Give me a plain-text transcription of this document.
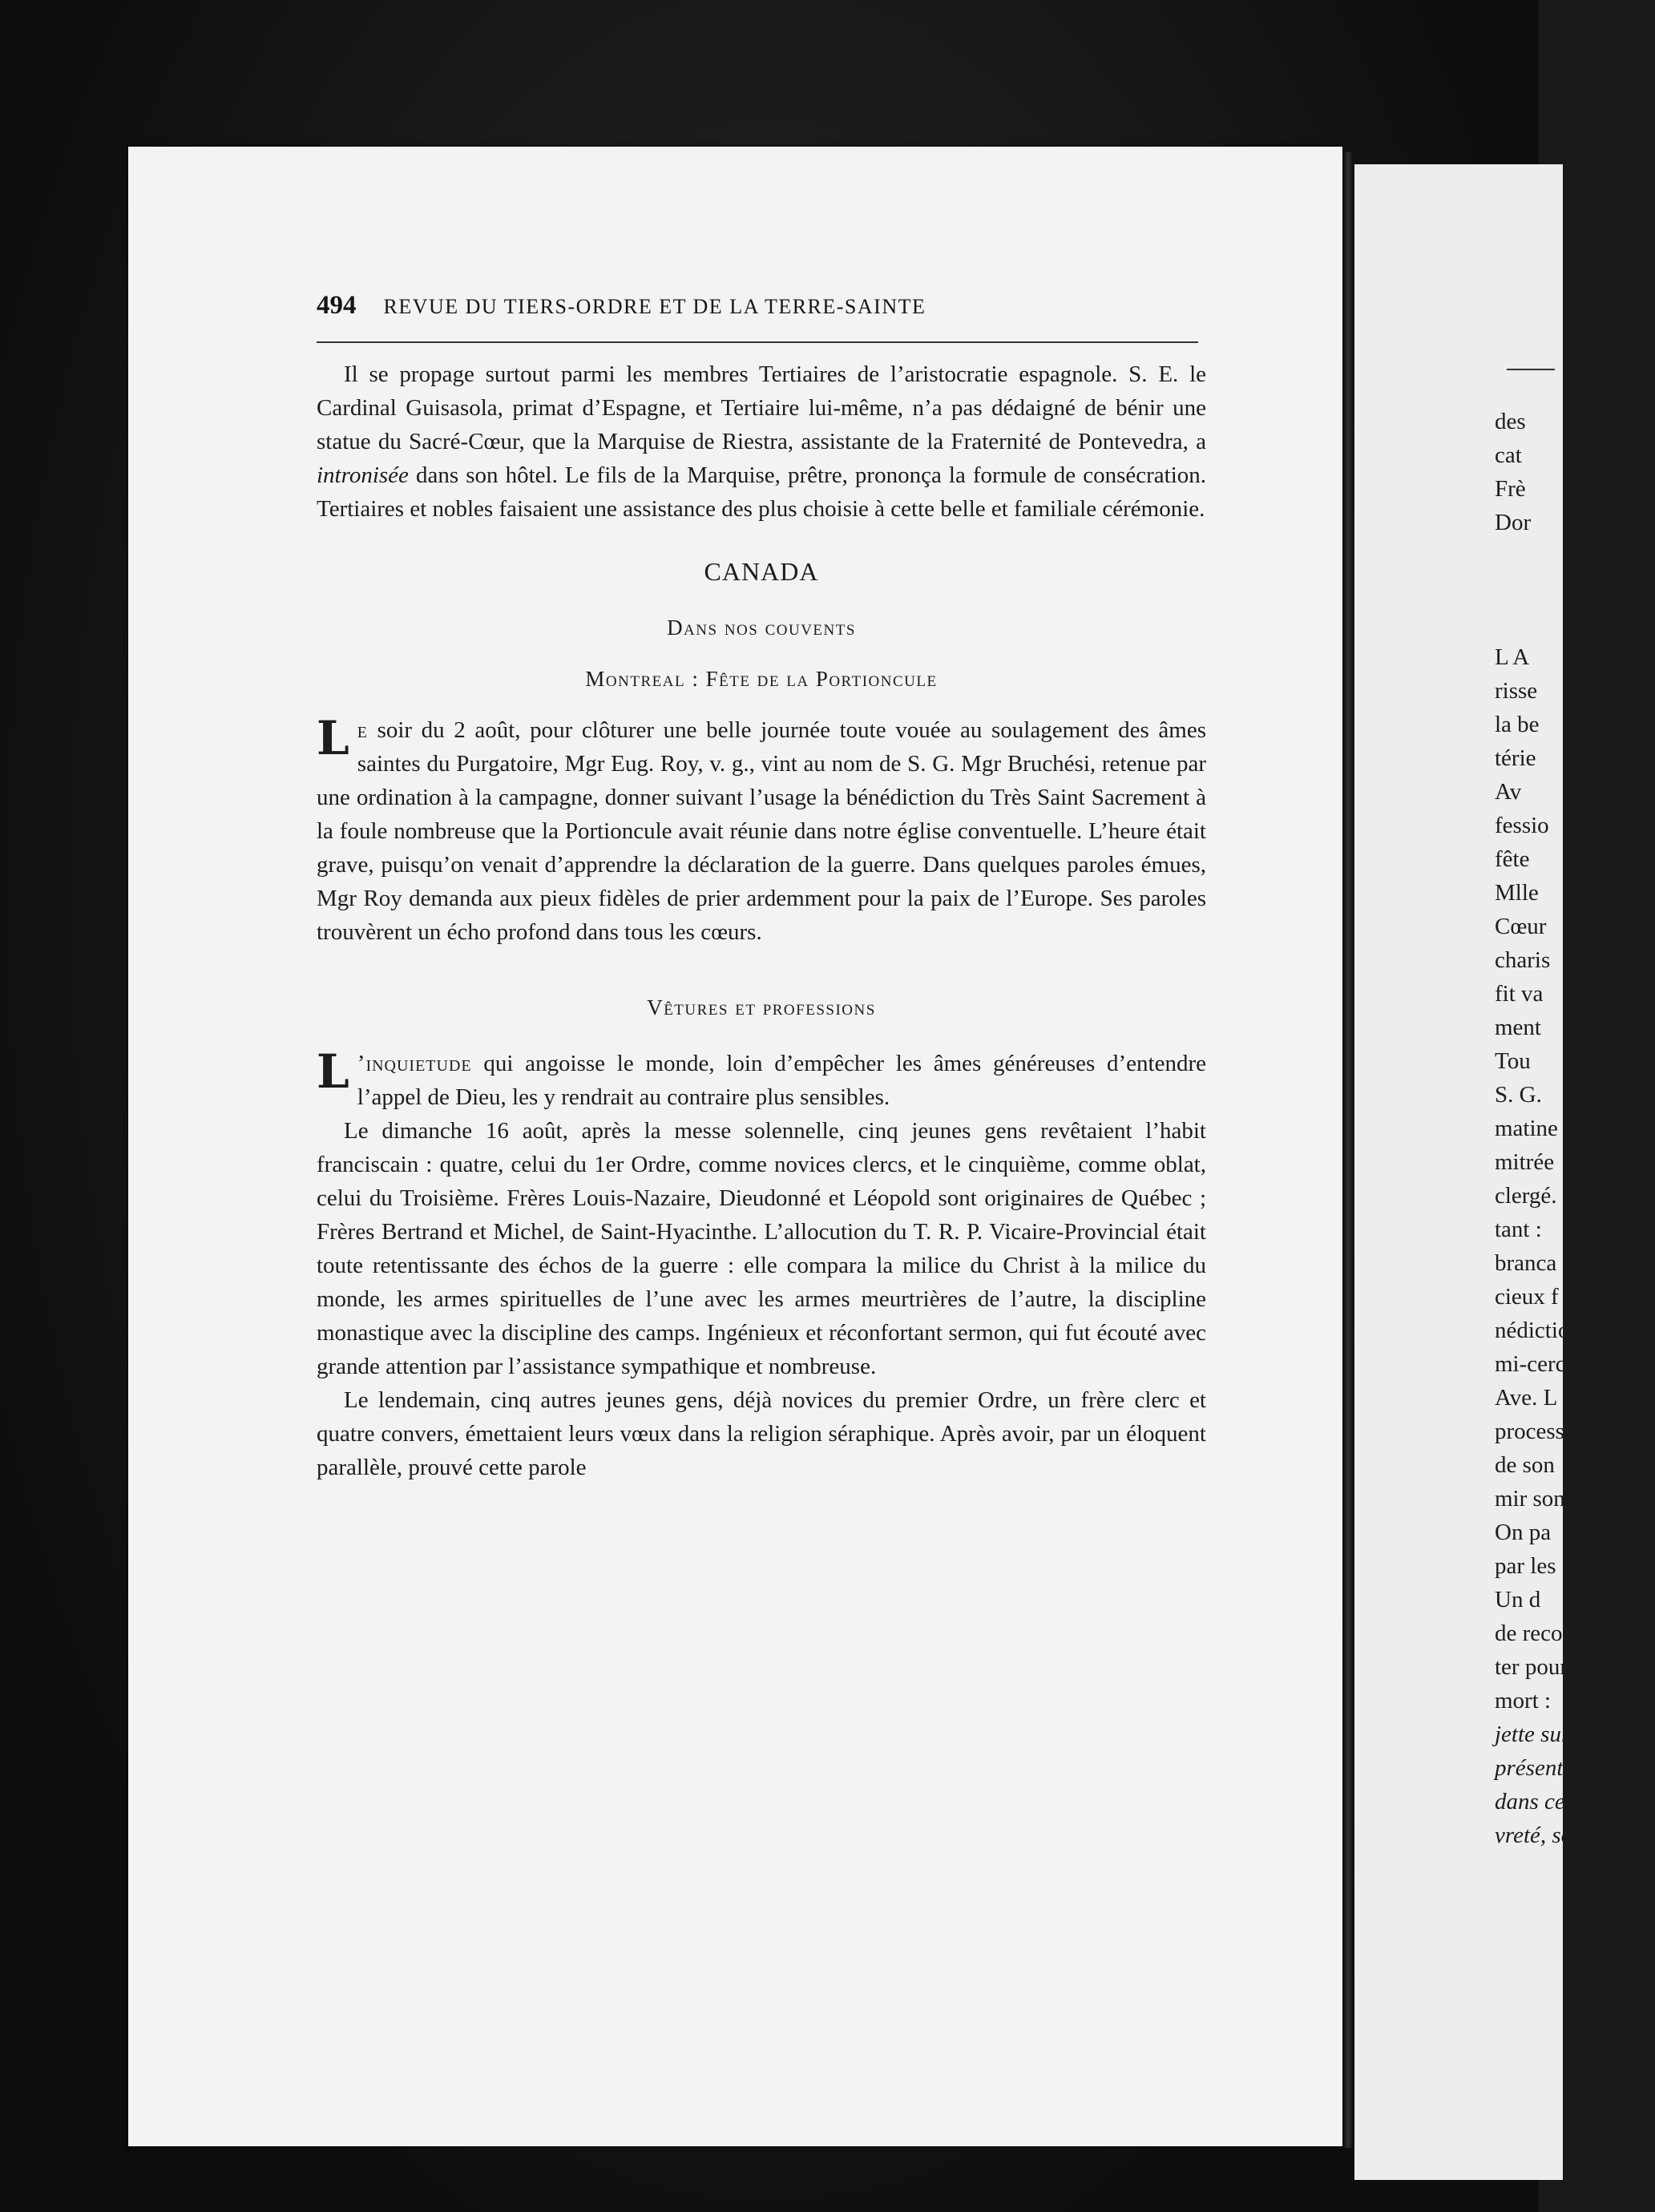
494 REVUE DU TIERS-ORDRE ET DE LA TERRE-SAINTE

Il se propage surtout parmi les membres Tertiaires de l’aristocratie espagnole. S. E. le Cardinal Guisasola, primat d’Espagne, et Tertiaire lui-même, n’a pas dédaigné de bénir une statue du Sacré-Cœur, que la Marquise de Riestra, assistante de la Fraternité de Pontevedra, a intronisée dans son hôtel. Le fils de la Marquise, prêtre, prononça la formule de consécration. Tertiaires et nobles faisaient une assistance des plus choisie à cette belle et familiale cérémonie.

CANADA
Dans nos couvents
Montreal : Fête de la Portioncule

Le soir du 2 août, pour clôturer une belle journée toute vouée au soulagement des âmes saintes du Purgatoire, Mgr Eug. Roy, v. g., vint au nom de S. G. Mgr Bruchési, retenue par une ordination à la campagne, donner suivant l’usage la bénédiction du Très Saint Sacrement à la foule nombreuse que la Portioncule avait réunie dans notre église conventuelle. L’heure était grave, puisqu’on venait d’apprendre la déclaration de la guerre. Dans quelques paroles émues, Mgr Roy demanda aux pieux fidèles de prier ardemment pour la paix de l’Europe. Ses paroles trouvèrent un écho profond dans tous les cœurs.

Vêtures et professions

L ’inquietude qui angoisse le monde, loin d’empêcher les âmes généreuses d’entendre l’appel de Dieu, les y rendrait au contraire plus sensibles.

Le dimanche 16 août, après la messe solennelle, cinq jeunes gens revêtaient l’habit franciscain : quatre, celui du 1er Ordre, comme novices clercs, et le cinquième, comme oblat, celui du Troisième. Frères Louis-Nazaire, Dieudonné et Léopold sont originaires de Québec ; Frères Bertrand et Michel, de Saint-Hyacinthe. L’allocution du T. R. P. Vicaire-Provincial était toute retentissante des échos de la guerre : elle compara la milice du Christ à la milice du monde, les armes spirituelles de l’une avec les armes meurtrières de l’autre, la discipline monastique avec la discipline des camps. Ingénieux et réconfortant sermon, qui fut écouté avec grande attention par l’assistance sympathique et nombreuse.

Le lendemain, cinq autres jeunes gens, déjà novices du premier Ordre, un frère clerc et quatre convers, émettaient leurs vœux dans la religion séraphique. Après avoir, par un éloquent parallèle, prouvé cette parole

des
cat
Frè
Dor

L A
risse
la be
térie
Av
fessio
fête
Mlle
Cœur
charis
fit va
ment
Tou
S. G.
matine
mitrée
clergé.
tant :
branca
cieux f
nédictio
mi-cerc
Ave. L
procession
de son
mir son
On pa
par les
Un d
de recon
ter pour
mort :
jette sur
présentes
dans cet
vreté, soi
